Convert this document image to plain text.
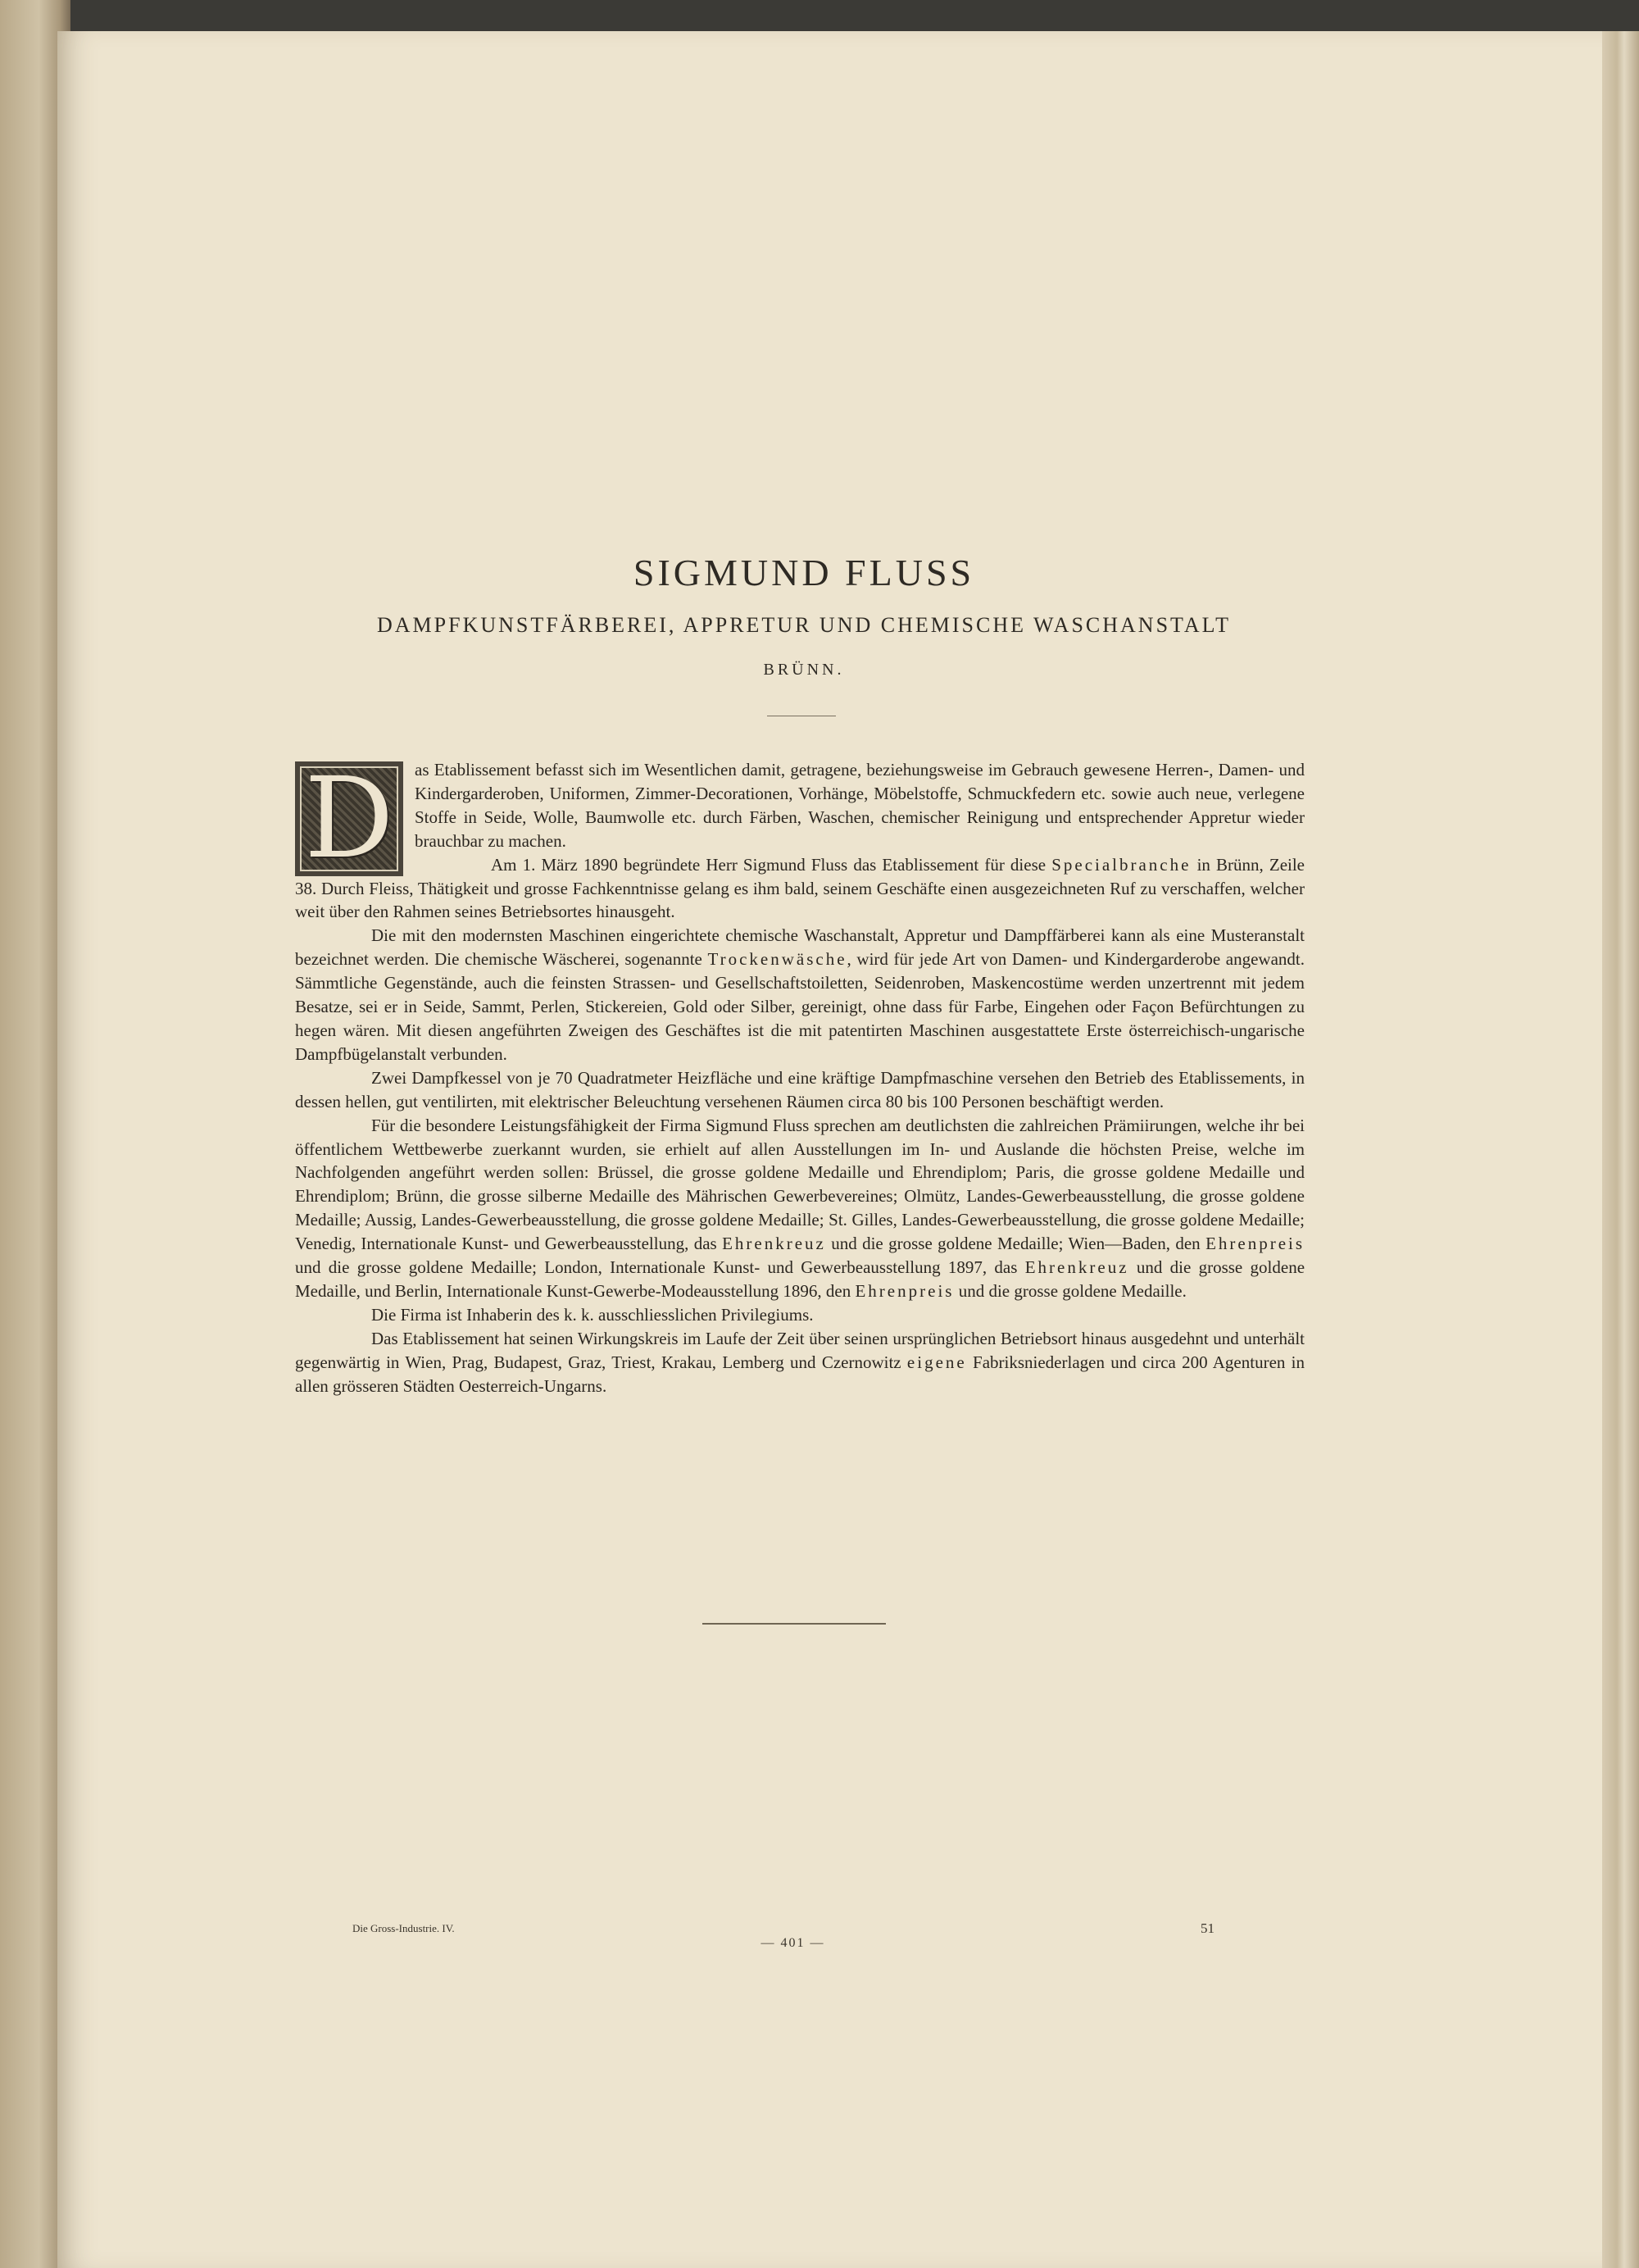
SIGMUND FLUSS
DAMPFKUNSTFÄRBEREI, APPRETUR UND CHEMISCHE WASCHANSTALT
BRÜNN.

D	as Etablissement befasst sich im Wesentlichen damit, getragene, beziehungsweise im Gebrauch gewesene Herren-, Damen- und Kindergarderoben, Uniformen, Zimmer-Decorationen, Vorhänge, Möbelstoffe, Schmuckfedern etc. sowie auch neue, verlegene Stoffe in Seide, Wolle, Baumwolle etc. durch Färben, Waschen, chemischer Reinigung und entsprechender Appretur wieder brauchbar zu machen.

Am 1. März 1890 begründete Herr Sigmund Fluss das Etablissement für diese Specialbranche in Brünn, Zeile 38. Durch Fleiss, Thätigkeit und grosse Fachkenntnisse gelang es ihm bald, seinem Geschäfte einen ausgezeichneten Ruf zu verschaffen, welcher weit über den Rahmen seines Betriebsortes hinausgeht.

Die mit den modernsten Maschinen eingerichtete chemische Waschanstalt, Appretur und Dampffärberei kann als eine Musteranstalt bezeichnet werden. Die chemische Wäscherei, sogenannte Trockenwäsche, wird für jede Art von Damen- und Kindergarderobe angewandt. Sämmtliche Gegenstände, auch die feinsten Strassen- und Gesellschaftstoiletten, Seidenroben, Maskencostüme werden unzertrennt mit jedem Besatze, sei er in Seide, Sammt, Perlen, Stickereien, Gold oder Silber, gereinigt, ohne dass für Farbe, Eingehen oder Façon Befürchtungen zu hegen wären. Mit diesen angeführten Zweigen des Geschäftes ist die mit patentirten Maschinen ausgestattete Erste österreichisch-ungarische Dampfbügelanstalt verbunden.

Zwei Dampfkessel von je 70 Quadratmeter Heizfläche und eine kräftige Dampfmaschine versehen den Betrieb des Etablissements, in dessen hellen, gut ventilirten, mit elektrischer Beleuchtung versehenen Räumen circa 80 bis 100 Personen beschäftigt werden.

Für die besondere Leistungsfähigkeit der Firma Sigmund Fluss sprechen am deutlichsten die zahlreichen Prämiirungen, welche ihr bei öffentlichem Wettbewerbe zuerkannt wurden, sie erhielt auf allen Ausstellungen im In- und Auslande die höchsten Preise, welche im Nachfolgenden angeführt werden sollen: Brüssel, die grosse goldene Medaille und Ehrendiplom; Paris, die grosse goldene Medaille und Ehrendiplom; Brünn, die grosse silberne Medaille des Mährischen Gewerbevereines; Olmütz, Landes-Gewerbeausstellung, die grosse goldene Medaille; Aussig, Landes-Gewerbeausstellung, die grosse goldene Medaille; St. Gilles, Landes-Gewerbeausstellung, die grosse goldene Medaille; Venedig, Internationale Kunst- und Gewerbeausstellung, das Ehrenkreuz und die grosse goldene Medaille; Wien—Baden, den Ehrenpreis und die grosse goldene Medaille; London, Internationale Kunst- und Gewerbeausstellung 1897, das Ehrenkreuz und die grosse goldene Medaille, und Berlin, Internationale Kunst-Gewerbe-Modeausstellung 1896, den Ehrenpreis und die grosse goldene Medaille.

Die Firma ist Inhaberin des k. k. ausschliesslichen Privilegiums.

Das Etablissement hat seinen Wirkungskreis im Laufe der Zeit über seinen ursprünglichen Betriebsort hinaus ausgedehnt und unterhält gegenwärtig in Wien, Prag, Budapest, Graz, Triest, Krakau, Lemberg und Czernowitz eigene Fabriksniederlagen und circa 200 Agenturen in allen grösseren Städten Oesterreich-Ungarns.

Die Gross-Industrie. IV.	51
— 401 —
